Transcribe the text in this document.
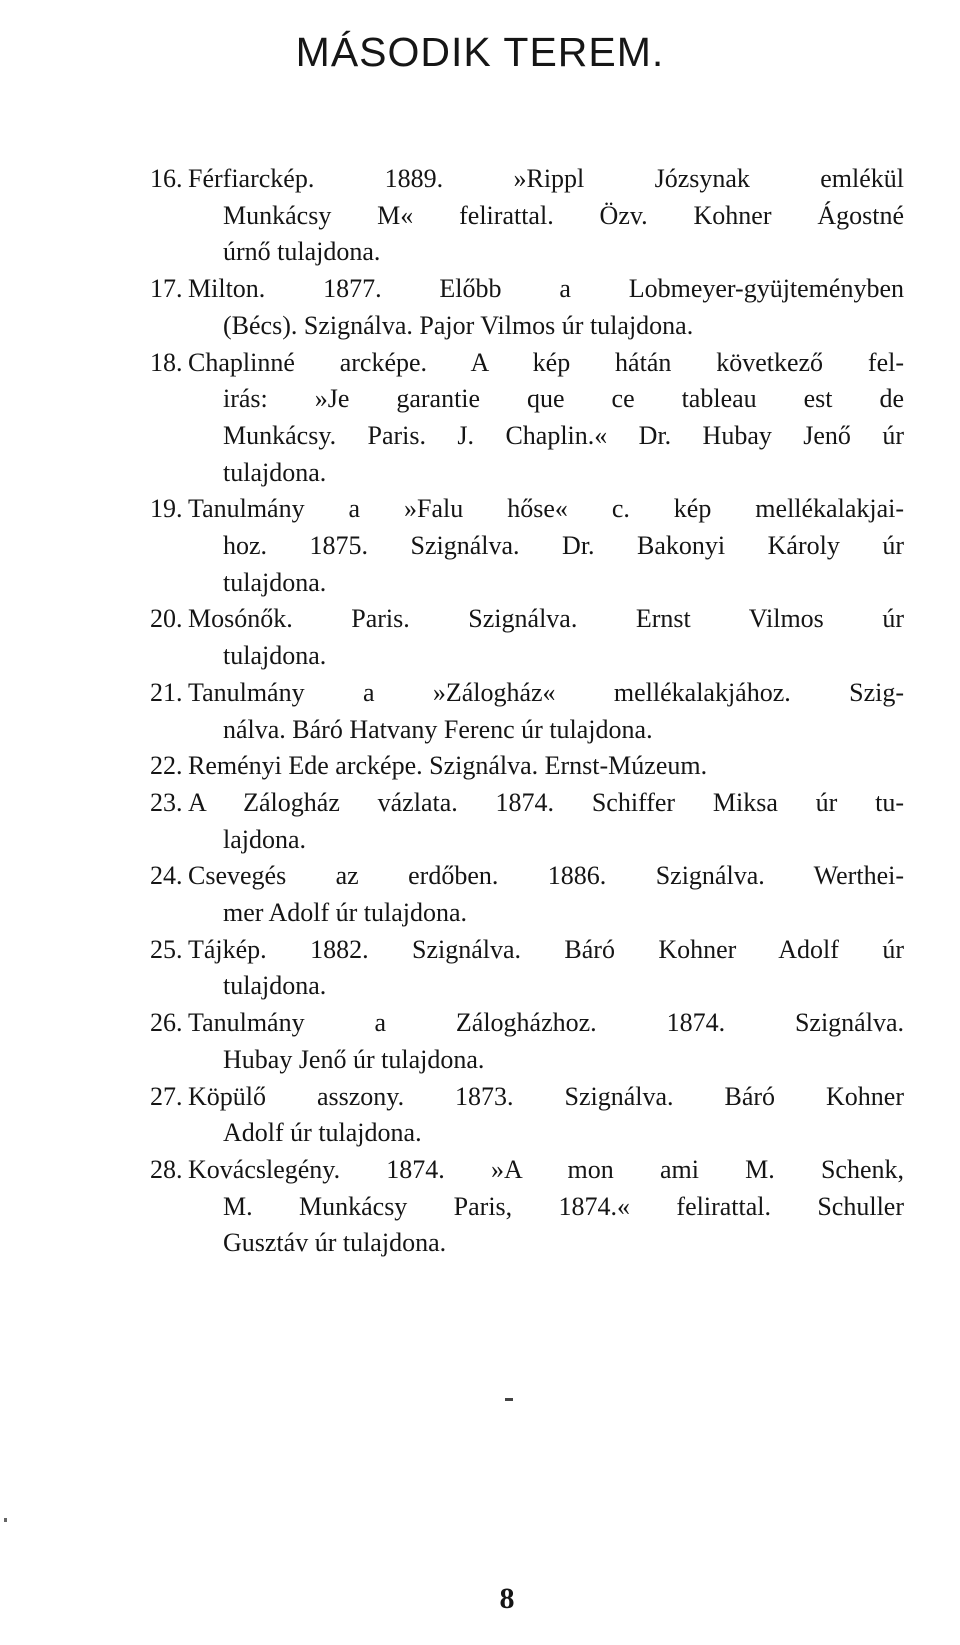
MÁSODIK TEREM.
16. Férfiarckép. 1889. »Rippl Józsynak emlékül
Munkácsy M« felirattal. Özv. Kohner Ágostné
úrnő tulajdona.
17. Milton. 1877. Előbb a Lobmeyer-gyüjteményben
(Bécs). Szignálva. Pajor Vilmos úr tulajdona.
18. Chaplinné arcképe. A kép hátán következő fel-
irás: »Je garantie que ce tableau est de
Munkácsy. Paris. J. Chaplin.« Dr. Hubay Jenő úr
tulajdona.
19. Tanulmány a »Falu hőse« c. kép mellékalakjai-
hoz. 1875. Szignálva. Dr. Bakonyi Károly úr
tulajdona.
20. Mosónők. Paris. Szignálva. Ernst Vilmos úr
tulajdona.
21. Tanulmány a »Zálogház« mellékalakjához. Szig-
nálva. Báró Hatvany Ferenc úr tulajdona.
22. Reményi Ede arcképe. Szignálva. Ernst-Múzeum.
23. A Zálogház vázlata. 1874. Schiffer Miksa úr tu-
lajdona.
24. Csevegés az erdőben. 1886. Szignálva. Werthei-
mer Adolf úr tulajdona.
25. Tájkép. 1882. Szignálva. Báró Kohner Adolf úr
tulajdona.
26. Tanulmány a Zálogházhoz. 1874. Szignálva.
Hubay Jenő úr tulajdona.
27. Köpülő asszony. 1873. Szignálva. Báró Kohner
Adolf úr tulajdona.
28. Kovácslegény. 1874. »A mon ami M. Schenk,
M. Munkácsy Paris, 1874.« felirattal. Schuller
Gusztáv úr tulajdona.
8
